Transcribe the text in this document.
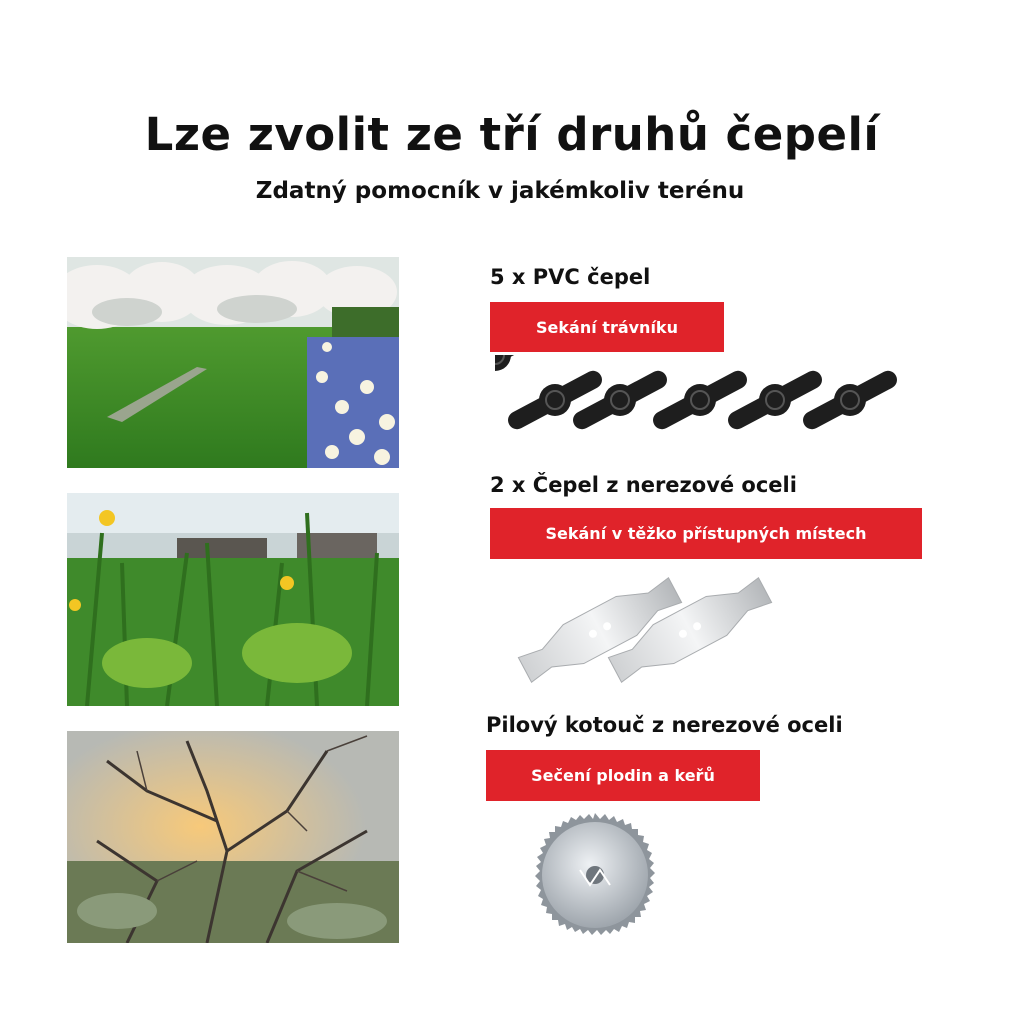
Lze zvolit ze tří druhů čepelí
Zdatný pomocník v jakémkoliv terénu
5 x PVC čepel
Sekání trávníku
2 x Čepel z nerezové oceli
Sekání v těžko přístupných místech
Pilový kotouč z nerezové oceli
Sečení plodin a keřů
